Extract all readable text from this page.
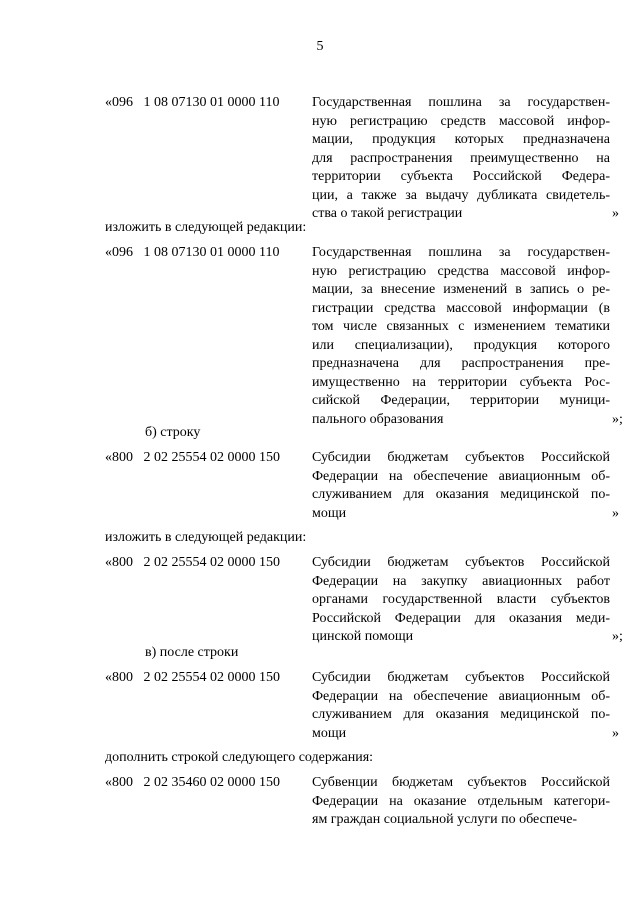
5
«096   1 08 07130 01 0000 110 Государственная пошлина за государствен-
ную регистрацию средств массовой инфор-
мации, продукция которых предназначена
для распространения преимущественно на
территории субъекта Российской Федера-
ции, а также за выдачу дубликата свидетель-
ства о такой регистрации	»
изложить в следующей редакции:
«096   1 08 07130 01 0000 110 Государственная пошлина за государствен-
ную регистрацию средства массовой инфор-
мации, за внесение изменений в запись о ре-
гистрации средства массовой информации (в
том числе связанных с изменением тематики
или специализации), продукция которого
предназначена для распространения пре-
имущественно на территории субъекта Рос-
сийской Федерации, территории муници-
пального образования	»;
б) строку
«800   2 02 25554 02 0000 150 Субсидии бюджетам субъектов Российской
Федерации на обеспечение авиационным об-
служиванием для оказания медицинской по-
мощи	»
изложить в следующей редакции:
«800   2 02 25554 02 0000 150 Субсидии бюджетам субъектов Российской
Федерации на закупку авиационных работ
органами государственной власти субъектов
Российской Федерации для оказания меди-
цинской помощи	»;
в) после строки
«800   2 02 25554 02 0000 150 Субсидии бюджетам субъектов Российской
Федерации на обеспечение авиационным об-
служиванием для оказания медицинской по-
мощи	»
дополнить строкой следующего содержания:
«800   2 02 35460 02 0000 150 Субвенции бюджетам субъектов Российской
Федерации на оказание отдельным категори-
ям граждан социальной услуги по обеспече-
